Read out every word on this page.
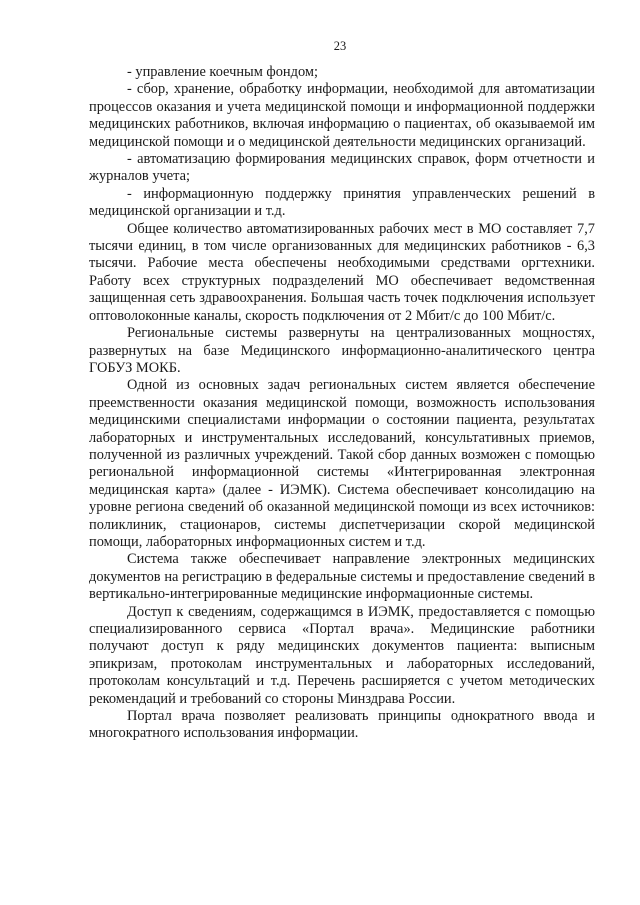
23

- управление коечным фондом;

- сбор, хранение, обработку информации, необходимой для автоматизации процессов оказания и учета медицинской помощи и информационной поддержки медицинских работников, включая информацию о пациентах, об оказываемой им медицинской помощи и о медицинской деятельности медицинских организаций.

- автоматизацию формирования медицинских справок, форм отчетности и журналов учета;

- информационную поддержку принятия управленческих решений в медицинской организации и т.д.

Общее количество автоматизированных рабочих мест в МО составляет 7,7 тысячи единиц, в том числе организованных для медицинских работников - 6,3 тысячи. Рабочие места обеспечены необходимыми средствами оргтехники. Работу всех структурных подразделений МО обеспечивает ведомственная защищенная сеть здравоохранения. Большая часть точек подключения использует оптоволоконные каналы, скорость подключения от 2 Мбит/с до 100 Мбит/с.

Региональные системы развернуты на централизованных мощностях, развернутых на базе Медицинского информационно-аналитического центра ГОБУЗ МОКБ.

Одной из основных задач региональных систем является обеспечение преемственности оказания медицинской помощи, возможность использования медицинскими специалистами информации о состоянии пациента, результатах лабораторных и инструментальных исследований, консультативных приемов, полученной из различных учреждений. Такой сбор данных возможен с помощью региональной информационной системы «Интегрированная электронная медицинская карта» (далее - ИЭМК). Система обеспечивает консолидацию на уровне региона сведений об оказанной медицинской помощи из всех источников: поликлиник, стационаров, системы диспетчеризации скорой медицинской помощи, лабораторных информационных систем и т.д.

Система также обеспечивает направление электронных медицинских документов на регистрацию в федеральные системы и предоставление сведений в вертикально-интегрированные медицинские информационные системы.

Доступ к сведениям, содержащимся в ИЭМК, предоставляется с помощью специализированного сервиса «Портал врача». Медицинские работники получают доступ к ряду медицинских документов пациента: выписным эпикризам, протоколам инструментальных и лабораторных исследований, протоколам консультаций и т.д. Перечень расширяется с учетом методических рекомендаций и требований со стороны Минздрава России.

Портал врача позволяет реализовать принципы однократного ввода и многократного использования информации.
